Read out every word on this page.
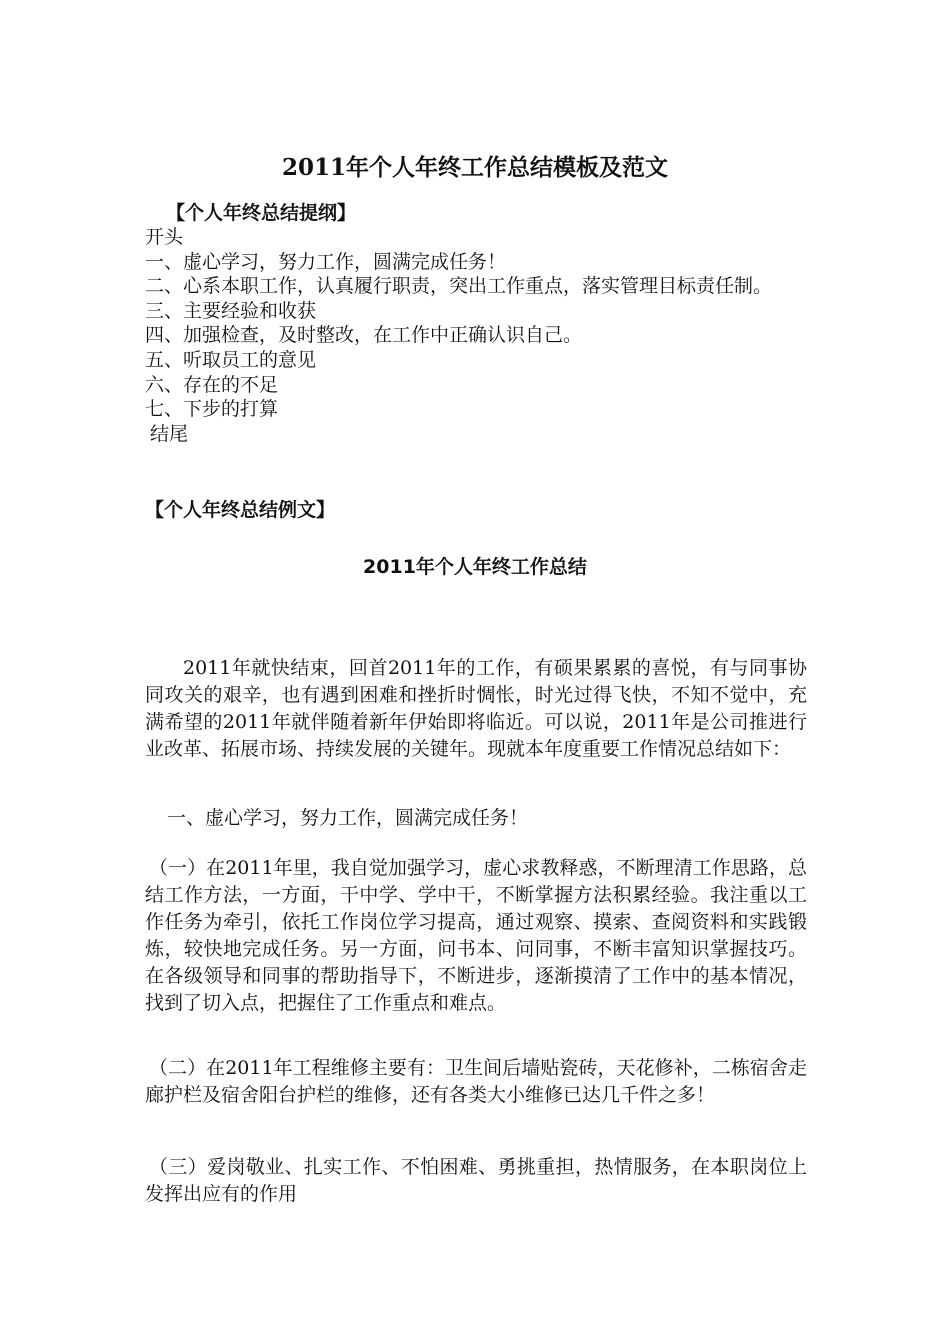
2011年个人年终工作总结模板及范文
【个人年终总结提纲】
开头
一、虚心学习，努力工作，圆满完成任务！
二、心系本职工作，认真履行职责，突出工作重点，落实管理目标责任制。
三、主要经验和收获
四、加强检查，及时整改，在工作中正确认识自己。
五、听取员工的意见
六、存在的不足
七、下步的打算
结尾
【个人年终总结例文】
2011年个人年终工作总结
2011年就快结束，回首2011年的工作，有硕果累累的喜悦，有与同事协同攻关的艰辛，也有遇到困难和挫折时惆怅，时光过得飞快，不知不觉中，充满希望的2011年就伴随着新年伊始即将临近。可以说，2011年是公司推进行业改革、拓展市场、持续发展的关键年。现就本年度重要工作情况总结如下：
一、虚心学习，努力工作，圆满完成任务！
（一）在2011年里，我自觉加强学习，虚心求教释惑，不断理清工作思路，总结工作方法，一方面，干中学、学中干，不断掌握方法积累经验。我注重以工作任务为牵引，依托工作岗位学习提高，通过观察、摸索、查阅资料和实践锻炼，较快地完成任务。另一方面，问书本、问同事，不断丰富知识掌握技巧。在各级领导和同事的帮助指导下，不断进步，逐渐摸清了工作中的基本情况，找到了切入点，把握住了工作重点和难点。
（二）在2011年工程维修主要有：卫生间后墙贴瓷砖，天花修补，二栋宿舍走廊护栏及宿舍阳台护栏的维修，还有各类大小维修已达几千件之多！
（三）爱岗敬业、扎实工作、不怕困难、勇挑重担，热情服务，在本职岗位上发挥出应有的作用
